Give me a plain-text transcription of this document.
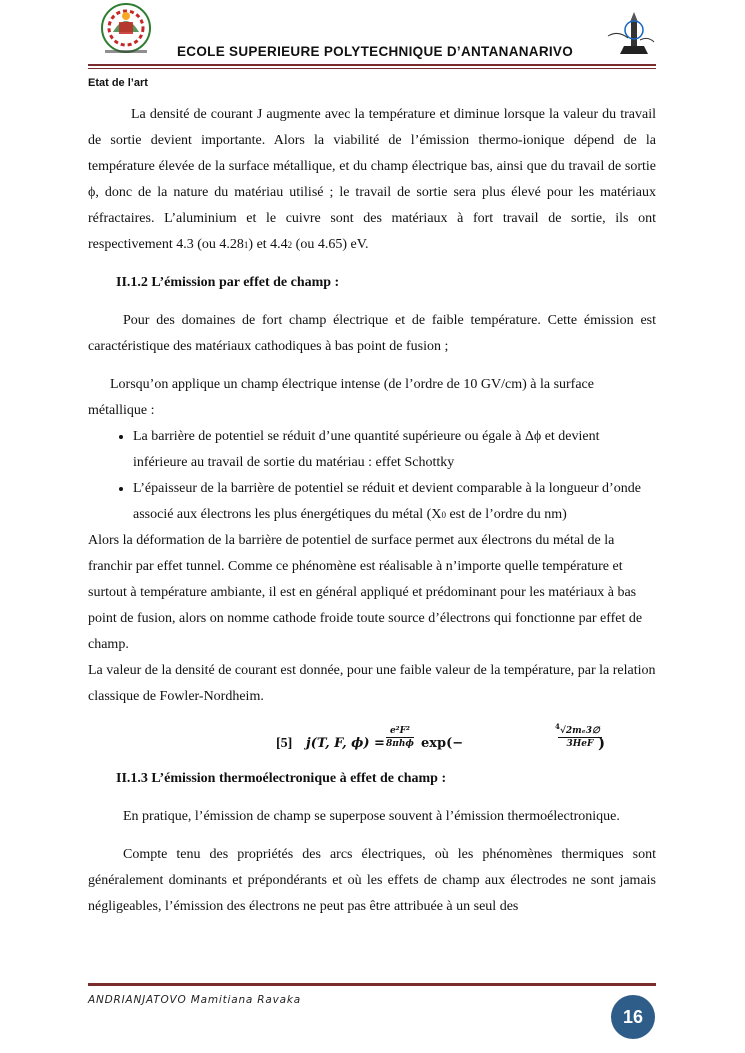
ECOLE SUPERIEURE POLYTECHNIQUE D’ANTANANARIVO
Etat de l’art

La densité de courant J augmente avec la température et diminue lorsque la valeur du travail de sortie devient importante. Alors la viabilité de l’émission thermo-ionique dépend de la température élevée de la surface métallique, et du champ électrique bas, ainsi que du travail de sortie ϕ, donc de la nature du matériau utilisé ; le travail de sortie sera plus élevé pour les matériaux réfractaires. L’aluminium et le cuivre sont des matériaux à fort travail de sortie, ils ont respectivement 4.3 (ou 4.281) et 4.42 (ou 4.65) eV.

II.1.2 L’émission par effet de champ :

Pour des domaines de fort champ électrique et de faible température. Cette émission est caractéristique des matériaux cathodiques à bas point de fusion ;

Lorsqu’on applique un champ électrique intense (de l’ordre de 10 GV/cm) à la surface métallique :

• La barrière de potentiel se réduit d’une quantité supérieure ou égale à Δϕ et devient inférieure au travail de sortie du matériau : effet Schottky
• L’épaisseur de la barrière de potentiel se réduit et devient comparable à la longueur d’onde associé aux électrons les plus énergétiques du métal (X0 est de l’ordre du nm)

Alors la déformation de la barrière de potentiel de surface permet aux électrons du métal de la franchir par effet tunnel. Comme ce phénomène est réalisable à n’importe quelle température et surtout à température ambiante, il est en général appliqué et prédominant pour les matériaux à bas point de fusion, alors on nomme cathode froide toute source d’électrons qui fonctionne par effet de champ.

La valeur de la densité de courant est donnée, pour une faible valeur de la température, par la relation classique de Fowler-Nordheim.

[5] j(T, F, ϕ) =
e²F²
8πhϕ exp(−
4 √2mₑ3∅
3HeF )

II.1.3 L’émission thermoélectronique à effet de champ :

En pratique, l’émission de champ se superpose souvent à l’émission thermoélectronique.

Compte tenu des propriétés des arcs électriques, où les phénomènes thermiques sont généralement dominants et prépondérants et où les effets de champ aux électrodes ne sont jamais négligeables, l’émission des électrons ne peut pas être attribuée à un seul des

ANDRIANJATOVO Mamitiana Ravaka
16
